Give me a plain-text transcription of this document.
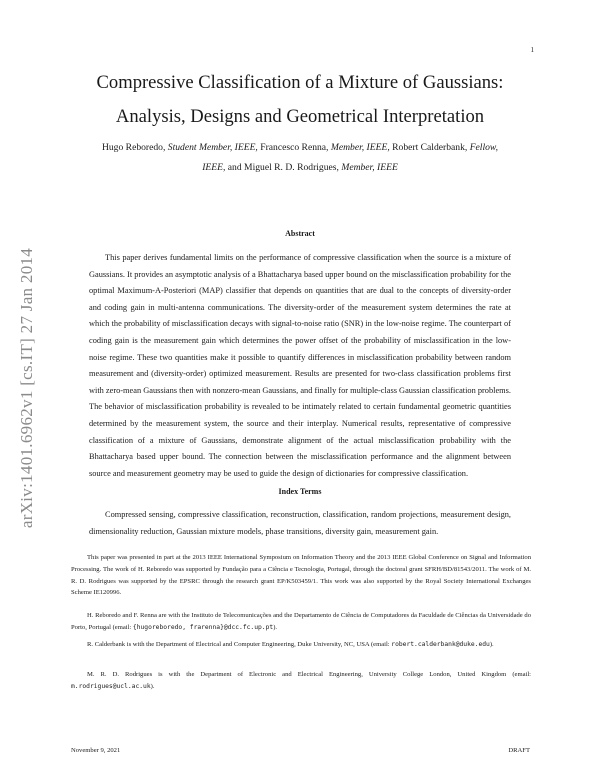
1
arXiv:1401.6962v1 [cs.IT] 27 Jan 2014
Compressive Classification of a Mixture of Gaussians:
Analysis, Designs and Geometrical Interpretation
Hugo Reboredo, Student Member, IEEE, Francesco Renna, Member, IEEE, Robert Calderbank, Fellow, IEEE, and Miguel R. D. Rodrigues, Member, IEEE
Abstract

This paper derives fundamental limits on the performance of compressive classification when the source is a mixture of Gaussians. It provides an asymptotic analysis of a Bhattacharya based upper bound on the misclassification probability for the optimal Maximum-A-Posteriori (MAP) classifier that depends on quantities that are dual to the concepts of diversity-order and coding gain in multi-antenna communications. The diversity-order of the measurement system determines the rate at which the probability of misclassification decays with signal-to-noise ratio (SNR) in the low-noise regime. The counterpart of coding gain is the measurement gain which determines the power offset of the probability of misclassification in the low-noise regime. These two quantities make it possible to quantify differences in misclassification probability between random measurement and (diversity-order) optimized measurement. Results are presented for two-class classification problems first with zero-mean Gaussians then with nonzero-mean Gaussians, and finally for multiple-class Gaussian classification problems. The behavior of misclassification probability is revealed to be intimately related to certain fundamental geometric quantities determined by the measurement system, the source and their interplay. Numerical results, representative of compressive classification of a mixture of Gaussians, demonstrate alignment of the actual misclassification probability with the Bhattacharya based upper bound. The connection between the misclassification performance and the alignment between source and measurement geometry may be used to guide the design of dictionaries for compressive classification.

Index Terms

Compressed sensing, compressive classification, reconstruction, classification, random projections, measurement design, dimensionality reduction, Gaussian mixture models, phase transitions, diversity gain, measurement gain.

This paper was presented in part at the 2013 IEEE International Symposium on Information Theory and the 2013 IEEE Global Conference on Signal and Information Processing. The work of H. Reboredo was supported by Fundação para a Ciência e Tecnologia, Portugal, through the doctoral grant SFRH/BD/81543/2011. The work of M. R. D. Rodrigues was supported by the EPSRC through the research grant EP/K503459/1. This work was also supported by the Royal Society International Exchanges Scheme IE120996.

H. Reboredo and F. Renna are with the Instituto de Telecomunicações and the Departamento de Ciência de Computadores da Faculdade de Ciências da Universidade do Porto, Portugal (email: {hugoreboredo, frarenna}@dcc.fc.up.pt).

R. Calderbank is with the Department of Electrical and Computer Engineering, Duke University, NC, USA (email: robert.calderbank@duke.edu).

M. R. D. Rodrigues is with the Department of Electronic and Electrical Engineering, University College London, United Kingdom (email: m.rodrigues@ucl.ac.uk).

November 9, 2021	DRAFT
